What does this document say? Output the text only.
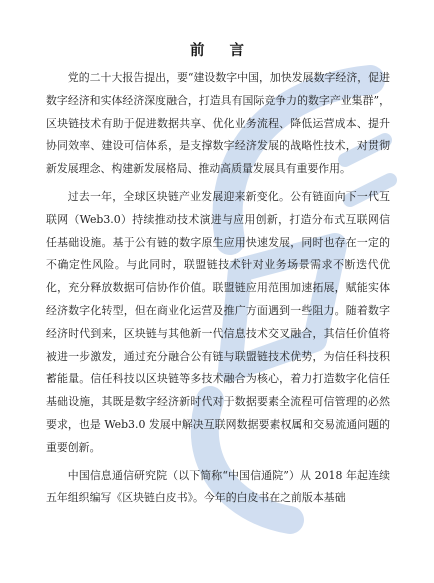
前 言

党的二十大报告提出，要“建设数字中国，加快发展数字经济，促进数字经济和实体经济深度融合，打造具有国际竞争力的数字产业集群”，区块链技术有助于促进数据共享、优化业务流程、降低运营成本、提升协同效率、建设可信体系，是支撑数字经济发展的战略性技术，对贯彻新发展理念、构建新发展格局、推动高质量发展具有重要作用。

过去一年，全球区块链产业发展迎来新变化。公有链面向下一代互联网（Web3.0）持续推动技术演进与应用创新，打造分布式互联网信任基础设施。基于公有链的数字原生应用快速发展，同时也存在一定的不确定性风险。与此同时，联盟链技术针对业务场景需求不断迭代优化，充分释放数据可信协作价值。联盟链应用范围加速拓展，赋能实体经济数字化转型，但在商业化运营及推广方面遇到一些阻力。随着数字经济时代到来，区块链与其他新一代信息技术交叉融合，其信任价值将被进一步激发，通过充分融合公有链与联盟链技术优势，为信任科技积蓄能量。信任科技以区块链等多技术融合为核心，着力打造数字化信任基础设施，其既是数字经济新时代对于数据要素全流程可信管理的必然要求，也是 Web3.0 发展中解决互联网数据要素权属和交易流通问题的重要创新。

中国信息通信研究院（以下简称“中国信通院”）从 2018 年起连续五年组织编写《区块链白皮书》。今年的白皮书在之前版本基础
